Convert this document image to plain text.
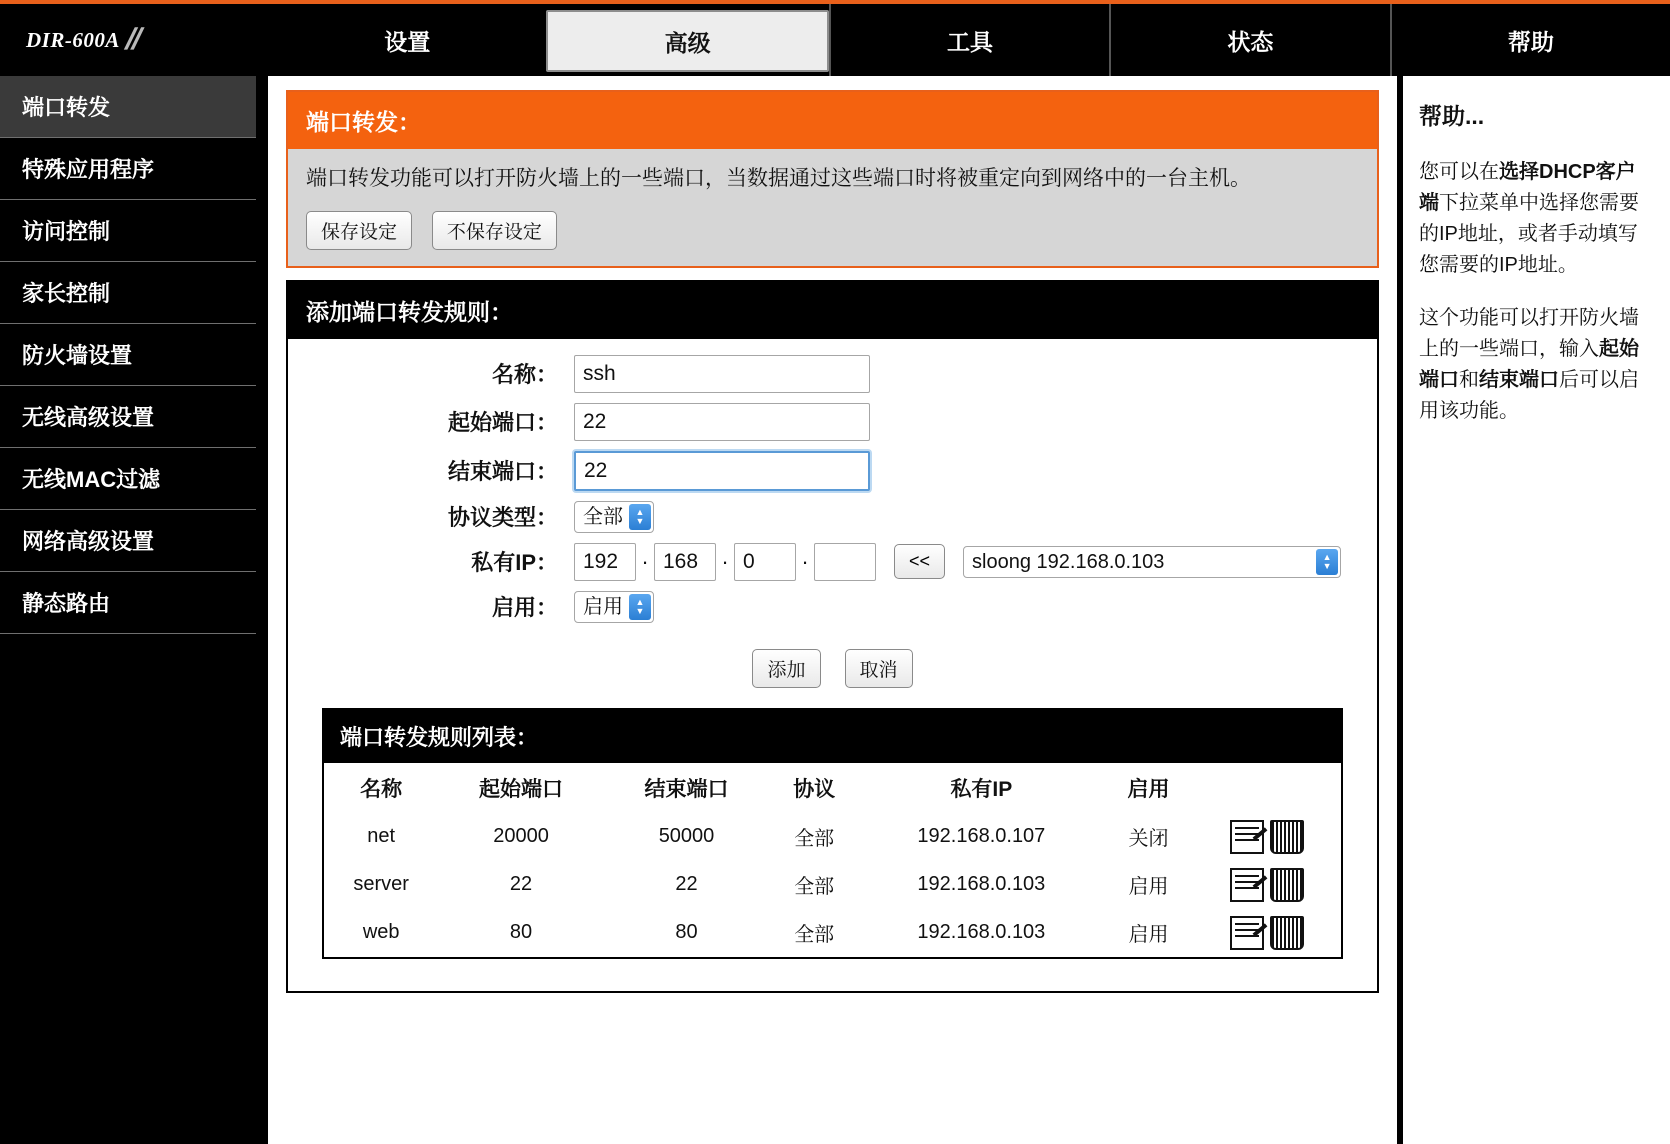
DIR-600A //	设置	高级	工具	状态	帮助
端口转发
特殊应用程序
访问控制
家长控制
防火墙设置
无线高级设置
无线MAC过滤
网络高级设置
静态路由
端口转发：
端口转发功能可以打开防火墙上的一些端口，当数据通过这些端口时将被重定向到网络中的一台主机。
保存设定	不保存设定
添加端口转发规则：
名称：
ssh
起始端口：
22
结束端口：
22
协议类型：
全部	▲
▼
私有IP：
192	·
168	·
0	·	<<
sloong 192.168.0.103	▲
▼
启用：
启用	▲
▼
添加	取消
端口转发规则列表：
名称	起始端口	结束端口	协议	私有IP	启用	
net	20000	50000	全部	192.168.0.107	关闭	

server	22	22	全部	192.168.0.103	启用	

web	80	80	全部	192.168.0.103	启用	
帮助...

您可以在选择DHCP客户端下拉菜单中选择您需要的IP地址，或者手动填写您需要的IP地址。

这个功能可以打开防火墙上的一些端口，输入起始端口和结束端口后可以启用该功能。
